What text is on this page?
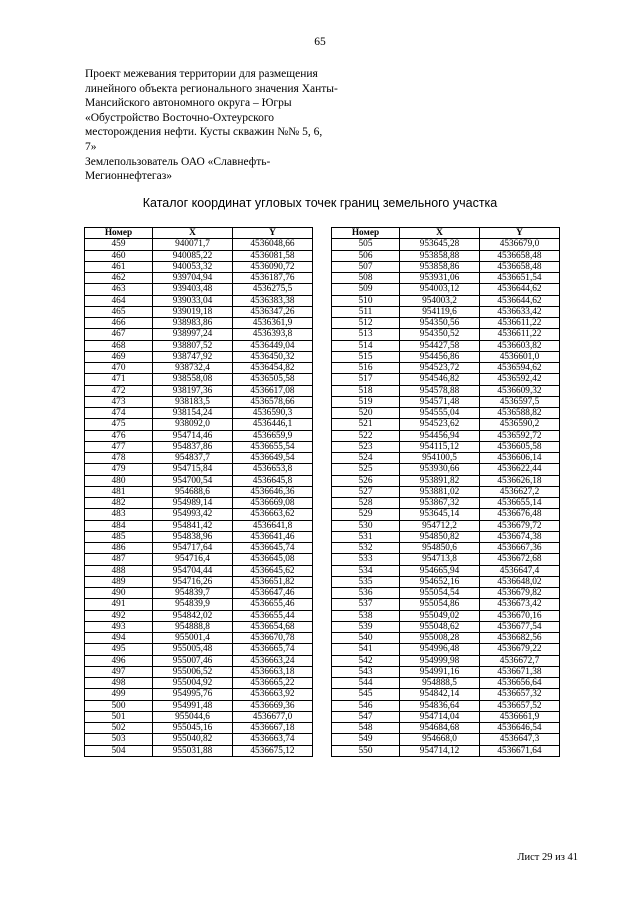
65

Проект межевания территории для размещения

линейного объекта регионального значения Ханты-

Мансийского автономного округа – Югры

«Обустройство Восточно-Охтеурского

месторождения нефти. Кусты скважин №№ 5, 6,

7»

Землепользователь ОАО «Славнефть-

Мегионнефтегаз»

Каталог координат угловых точек границ земельного участка
Номер	X	Y
459	940071,7	4536048,66
460	940085,22	4536081,58
461	940053,32	4536090,72
462	939704,94	4536187,76
463	939403,48	4536275,5
464	939033,04	4536383,38
465	939019,18	4536347,26
466	938983,86	4536361,9
467	938997,24	4536393,8
468	938807,52	4536449,04
469	938747,92	4536450,32
470	938732,4	4536454,82
471	938558,08	4536505,58
472	938197,36	4536617,08
473	938183,5	4536578,66
474	938154,24	4536590,3
475	938092,0	4536446,1
476	954714,46	4536659,9
477	954837,86	4536655,54
478	954837,7	4536649,54
479	954715,84	4536653,8
480	954700,54	4536645,8
481	954688,6	4536646,36
482	954989,14	4536669,08
483	954993,42	4536663,62
484	954841,42	4536641,8
485	954838,96	4536641,46
486	954717,64	4536645,74
487	954716,4	4536645,08
488	954704,44	4536645,62
489	954716,26	4536651,82
490	954839,7	4536647,46
491	954839,9	4536655,46
492	954842,02	4536655,44
493	954888,8	4536654,68
494	955001,4	4536670,78
495	955005,48	4536665,74
496	955007,46	4536663,24
497	955006,52	4536663,18
498	955004,92	4536665,22
499	954995,76	4536663,92
500	954991,48	4536669,36
501	955044,6	4536677,0
502	955045,16	4536667,18
503	955040,82	4536663,74
504	955031,88	4536675,12
Номер	X	Y
505	953645,28	4536679,0
506	953858,88	4536658,48
507	953858,86	4536658,48
508	953931,06	4536651,54
509	954003,12	4536644,62
510	954003,2	4536644,62
511	954119,6	4536633,42
512	954350,56	4536611,22
513	954350,52	4536611,22
514	954427,58	4536603,82
515	954456,86	4536601,0
516	954523,72	4536594,62
517	954546,82	4536592,42
518	954578,88	4536609,32
519	954571,48	4536597,5
520	954555,04	4536588,82
521	954523,62	4536590,2
522	954456,94	4536592,72
523	954115,12	4536605,58
524	954100,5	4536606,14
525	953930,66	4536622,44
526	953891,82	4536626,18
527	953881,02	4536627,2
528	953867,32	4536655,14
529	953645,14	4536676,48
530	954712,2	4536679,72
531	954850,82	4536674,38
532	954850,6	4536667,36
533	954713,8	4536672,68
534	954665,94	4536647,4
535	954652,16	4536648,02
536	955054,54	4536679,82
537	955054,86	4536673,42
538	955049,02	4536670,16
539	955048,62	4536677,54
540	955008,28	4536682,56
541	954996,48	4536679,22
542	954999,98	4536672,7
543	954991,16	4536671,38
544	954888,5	4536656,64
545	954842,14	4536657,32
546	954836,64	4536657,52
547	954714,04	4536661,9
548	954684,68	4536646,54
549	954668,0	4536647,3
550	954714,12	4536671,64
Лист 29 из 41
